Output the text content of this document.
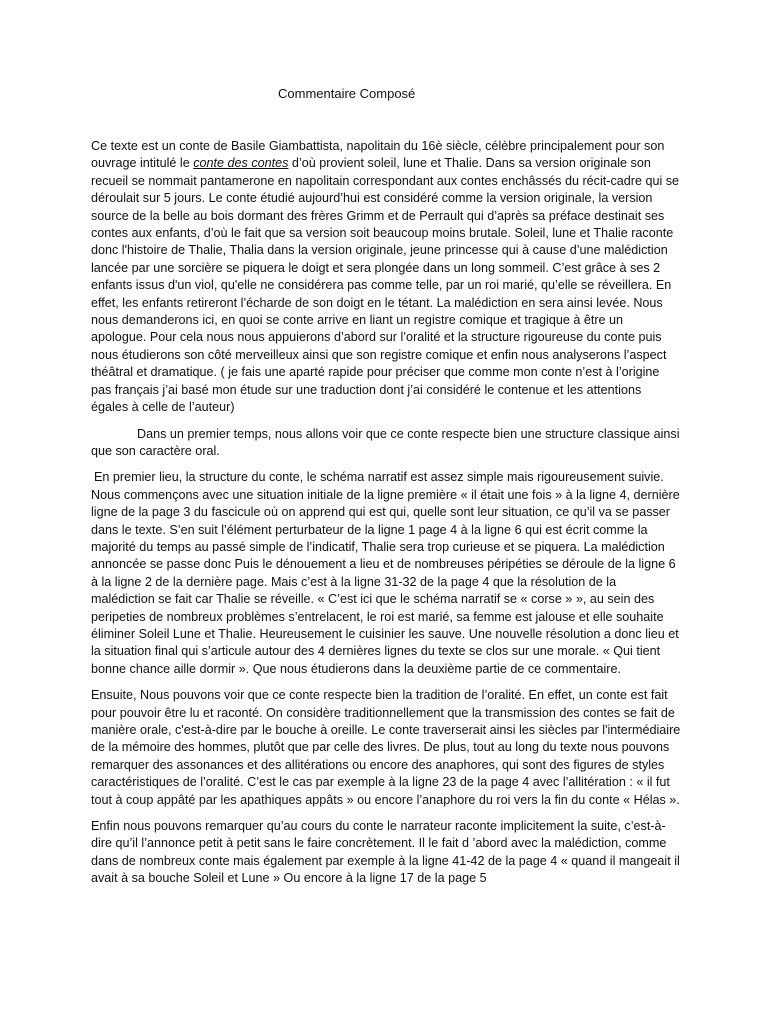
Commentaire Composé

Ce texte est un conte de Basile Giambattista, napolitain du 16è siècle, célèbre principalement pour son ouvrage intitulé le conte des contes d’où provient soleil, lune et Thalie. Dans sa version originale son recueil se nommait pantamerone en napolitain correspondant aux contes enchâssés du récit-cadre qui se déroulait sur 5 jours. Le conte étudié aujourd’hui est considéré comme la version originale, la version source de la belle au bois dormant des frères Grimm et de Perrault qui d’après sa préface destinait ses contes aux enfants, d’où le fait que sa version soit beaucoup moins brutale. Soleil, lune et Thalie raconte donc l'histoire de Thalie, Thalia dans la version originale, jeune princesse qui à cause d’une malédiction lancée par une sorcière se piquera le doigt et sera plongée dans un long sommeil. C’est grâce à ses 2 enfants issus d'un viol, qu'elle ne considérera pas comme telle, par un roi marié, qu’elle se réveillera. En effet, les enfants retireront l’écharde de son doigt en le tétant. La malédiction en sera ainsi levée. Nous nous demanderons ici, en quoi se conte arrive en liant un registre comique et tragique à être un apologue. Pour cela nous nous appuierons d’abord sur l’oralité et la structure rigoureuse du conte puis nous étudierons son côté merveilleux ainsi que son registre comique et enfin nous analyserons l’aspect théâtral et dramatique. ( je fais une aparté rapide pour préciser que comme mon conte n’est à l’origine pas français j’ai basé mon étude sur une traduction dont j’ai considéré le contenue et les attentions égales à celle de l’auteur)

Dans un premier temps, nous allons voir que ce conte respecte bien une structure classique ainsi que son caractère oral.

En premier lieu, la structure du conte, le schéma narratif est assez simple mais rigoureusement suivie. Nous commençons avec une situation initiale de la ligne première « il était une fois » à la ligne 4, dernière ligne de la page 3 du fascicule où on apprend qui est qui, quelle sont leur situation, ce qu’il va se passer dans le texte. S’en suit l’élément perturbateur de la ligne 1 page 4 à la ligne 6 qui est écrit comme la majorité du temps au passé simple de l’indicatif, Thalie sera trop curieuse et se piquera. La malédiction annoncée se passe donc Puis le dénouement a lieu et de nombreuses péripéties se déroule de la ligne 6 à la ligne 2 de la dernière page. Mais c’est à la ligne 31-32 de la page 4 que la résolution de la malédiction se fait car Thalie se réveille. « C’est ici que le schéma narratif se « corse » », au sein des peripeties de nombreux problèmes s’entrelacent, le roi est marié, sa femme est jalouse et elle souhaite éliminer Soleil Lune et Thalie. Heureusement le cuisinier les sauve. Une nouvelle résolution a donc lieu et la situation final qui s’articule autour des 4 dernières lignes du texte se clos sur une morale. « Qui tient bonne chance aille dormir ». Que nous étudierons dans la deuxième partie de ce commentaire.

Ensuite, Nous pouvons voir que ce conte respecte bien la tradition de l’oralité. En effet, un conte est fait pour pouvoir être lu et raconté. On considère traditionnellement que la transmission des contes se fait de manière orale, c'est-à-dire par le bouche à oreille. Le conte traverserait ainsi les siècles par l'intermédiaire de la mémoire des hommes, plutôt que par celle des livres. De plus, tout au long du texte nous pouvons remarquer des assonances et des allitérations ou encore des anaphores, qui sont des figures de styles caractéristiques de l’oralité. C’est le cas par exemple à la ligne 23 de la page 4 avec l’allitération : « il fut tout à coup appâté par les apathiques appâts » ou encore l’anaphore du roi vers la fin du conte « Hélas ».

Enfin nous pouvons remarquer qu’au cours du conte le narrateur raconte implicitement la suite, c’est-à-dire qu’il l’annonce petit à petit sans le faire concrètement. Il le fait d ’abord avec la malédiction, comme dans de nombreux conte mais également par exemple à la ligne 41-42 de la page 4 « quand il mangeait il avait à sa bouche Soleil et Lune » Ou encore à la ligne 17 de la page 5
